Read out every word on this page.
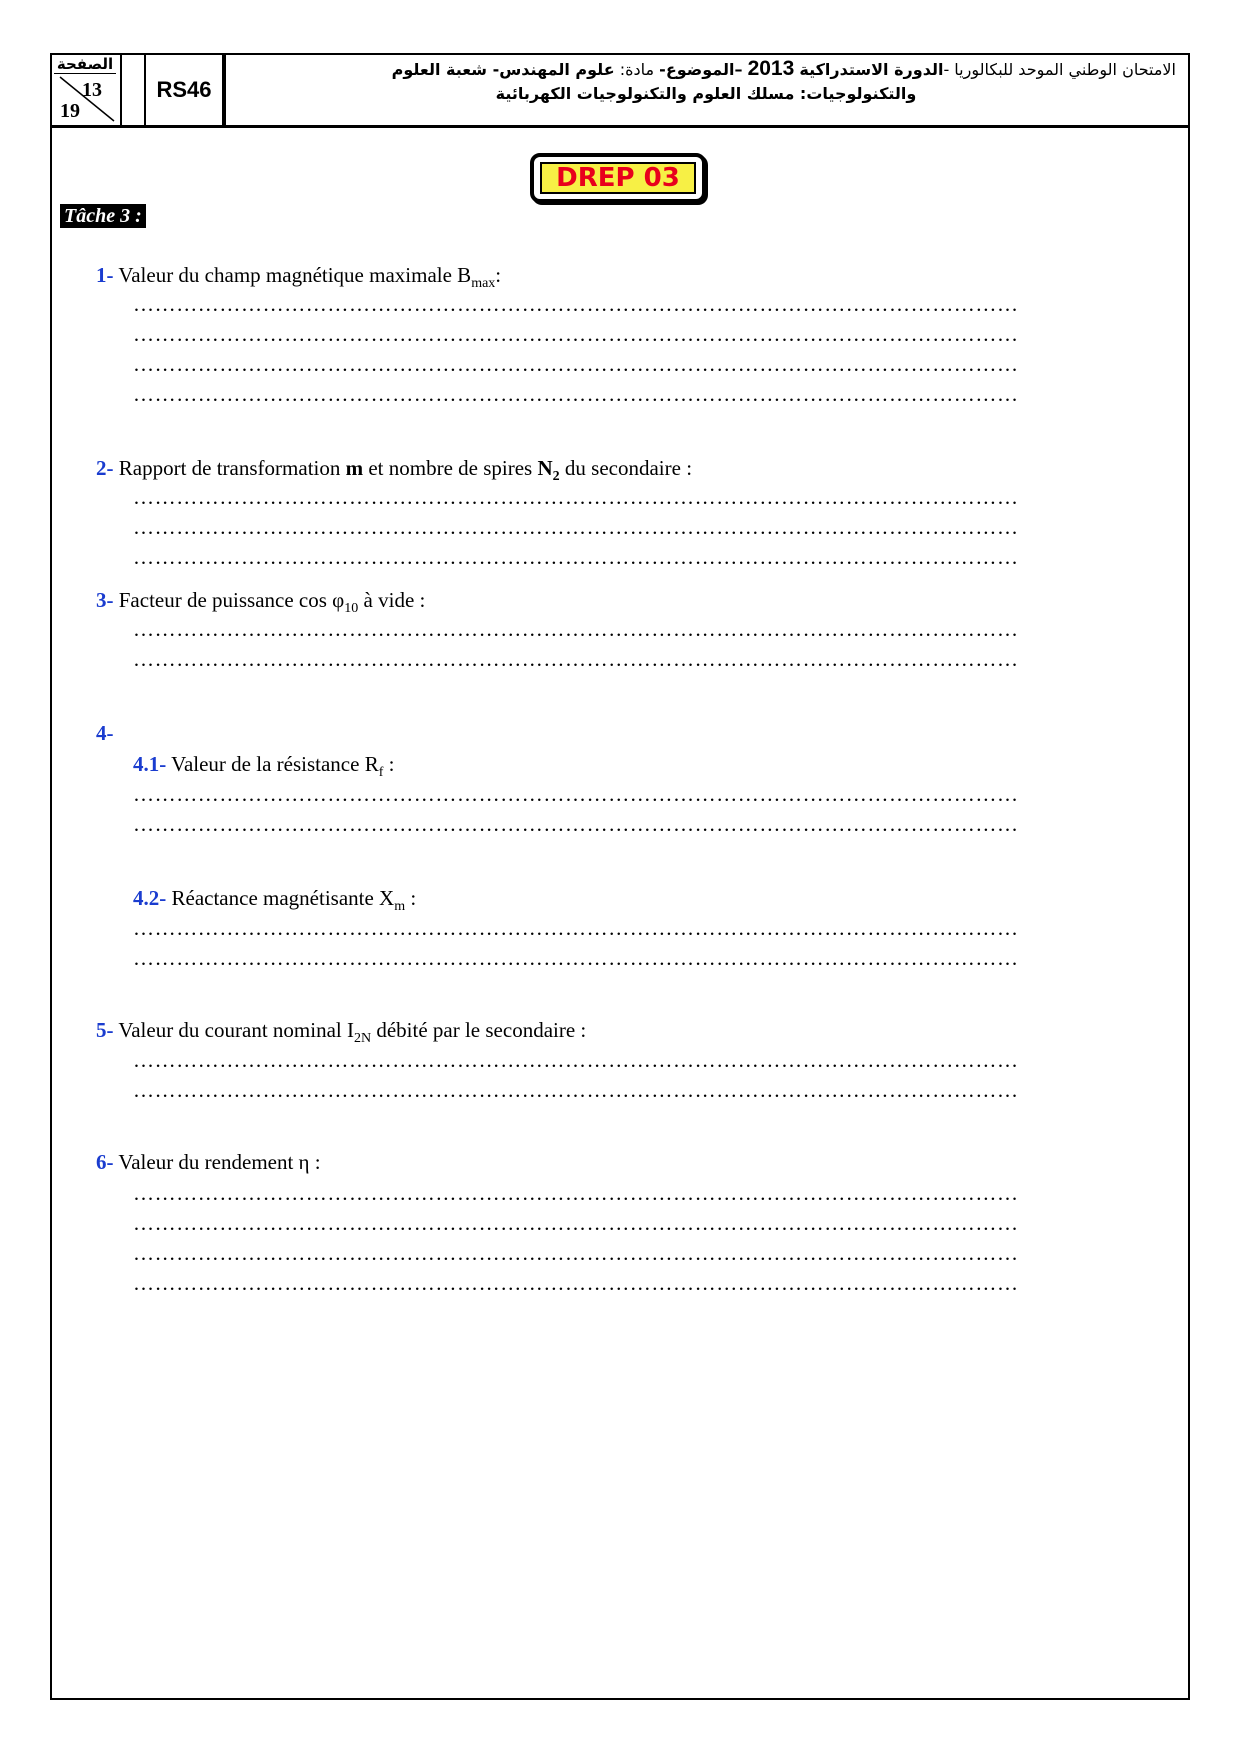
الصفحة
13
19
RS46
الامتحان الوطني الموحد للبكالوريا -الدورة الاستدراكية 2013 –الموضوع- مادة: علوم المهندس- شعبة العلوم
والتكنولوجيات: مسلك العلوم والتكنولوجيات الكهربائية
DREP 03
Tâche 3 :
1- Valeur du champ magnétique maximale $B_{max}$:
……………………………………………………………………………………………………………
……………………………………………………………………………………………………………
……………………………………………………………………………………………………………
……………………………………………………………………………………………………………
2- Rapport de transformation m et nombre de spires $N_2$ du secondaire :
……………………………………………………………………………………………………………
……………………………………………………………………………………………………………
……………………………………………………………………………………………………………
3- Facteur de puissance $\cos \varphi_{10}$ à vide :
……………………………………………………………………………………………………………
……………………………………………………………………………………………………………
4-
4.1- Valeur de la résistance $R_f$ :
……………………………………………………………………………………………………………
……………………………………………………………………………………………………………
4.2- Réactance magnétisante $X_m$ :
……………………………………………………………………………………………………………
……………………………………………………………………………………………………………
5- Valeur du courant nominal $I_{2N}$ débité par le secondaire :
……………………………………………………………………………………………………………
……………………………………………………………………………………………………………
6- Valeur du rendement η :
……………………………………………………………………………………………………………
……………………………………………………………………………………………………………
……………………………………………………………………………………………………………
……………………………………………………………………………………………………………
